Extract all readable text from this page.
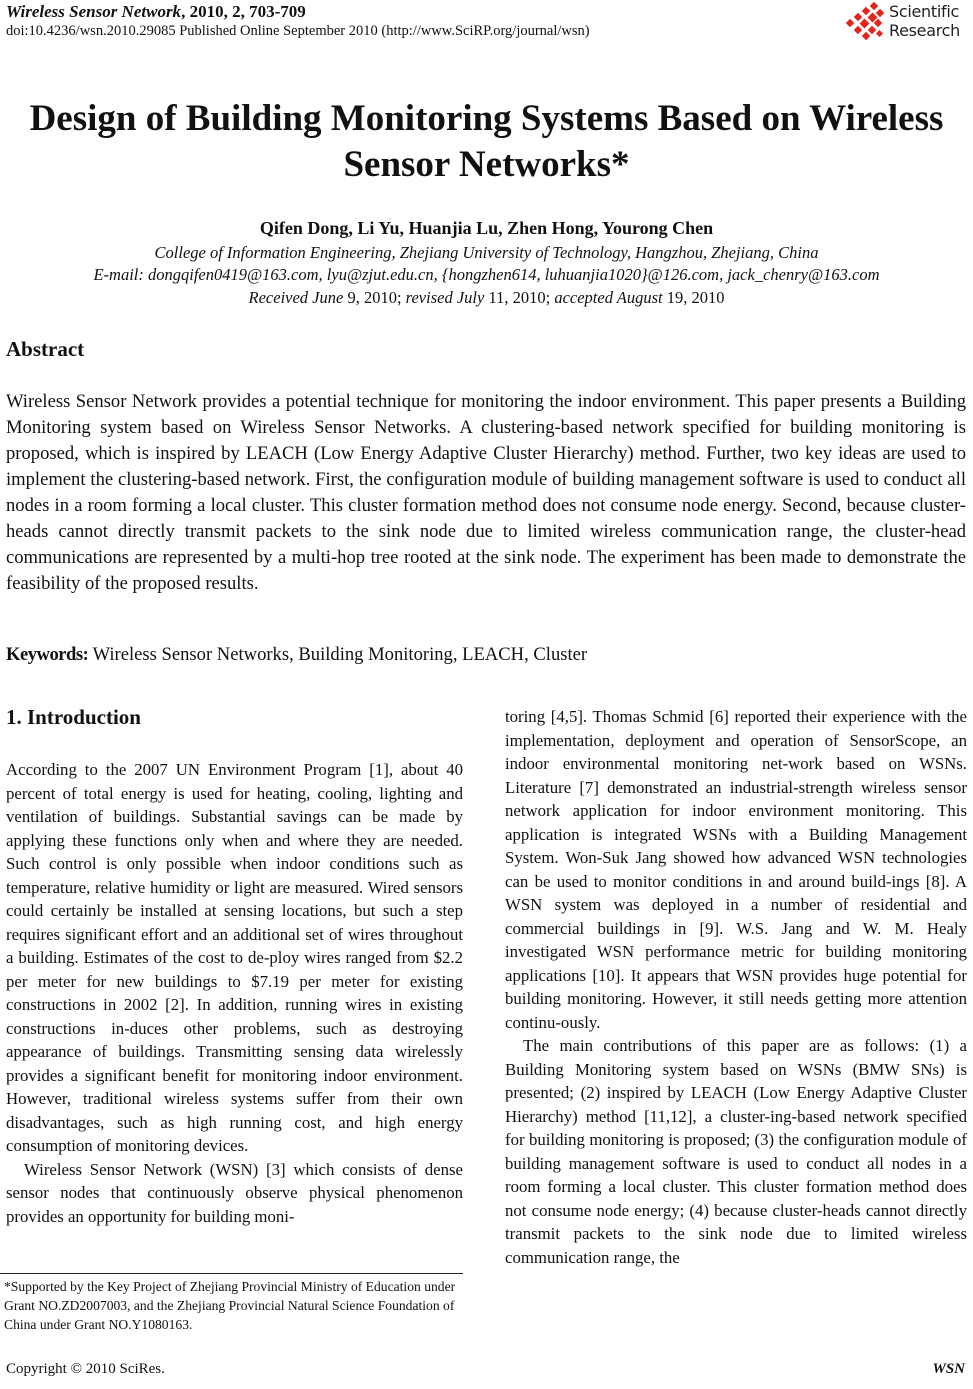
Wireless Sensor Network, 2010, 2, 703-709
doi:10.4236/wsn.2010.29085 Published Online September 2010 (http://www.SciRP.org/journal/wsn)
Scientific
Research
Design of Building Monitoring Systems Based on Wireless Sensor Networks*
Qifen Dong, Li Yu, Huanjia Lu, Zhen Hong, Yourong Chen
College of Information Engineering, Zhejiang University of Technology, Hangzhou, Zhejiang, China
E-mail: dongqifen0419@163.com, lyu@zjut.edu.cn, {hongzhen614, luhuanjia1020}@126.com, jack_chenry@163.com
Received June 9, 2010; revised July 11, 2010; accepted August 19, 2010
Abstract
Wireless Sensor Network provides a potential technique for monitoring the indoor environment. This paper presents a Building Monitoring system based on Wireless Sensor Networks. A clustering-based network specified for building monitoring is proposed, which is inspired by LEACH (Low Energy Adaptive Cluster Hierarchy) method. Further, two key ideas are used to implement the clustering-based network. First, the configuration module of building management software is used to conduct all nodes in a room forming a local cluster. This cluster formation method does not consume node energy. Second, because cluster-heads cannot directly transmit packets to the sink node due to limited wireless communication range, the cluster-head communications are represented by a multi-hop tree rooted at the sink node. The experiment has been made to demonstrate the feasibility of the proposed results.
Keywords: Wireless Sensor Networks, Building Monitoring, LEACH, Cluster
1. Introduction

According to the 2007 UN Environment Program [1], about 40 percent of total energy is used for heating, cooling, lighting and ventilation of buildings. Substantial savings can be made by applying these functions only when and where they are needed. Such control is only possible when indoor conditions such as temperature, relative humidity or light are measured. Wired sensors could certainly be installed at sensing locations, but such a step requires significant effort and an additional set of wires throughout a building. Estimates of the cost to de-ploy wires ranged from $2.2 per meter for new buildings to $7.19 per meter for existing constructions in 2002 [2]. In addition, running wires in existing constructions in-duces other problems, such as destroying appearance of buildings. Transmitting sensing data wirelessly provides a significant benefit for monitoring indoor environment. However, traditional wireless systems suffer from their own disadvantages, such as high running cost, and high energy consumption of monitoring devices.

Wireless Sensor Network (WSN) [3] which consists of dense sensor nodes that continuously observe physical phenomenon provides an opportunity for building moni-

toring [4,5]. Thomas Schmid [6] reported their experience with the implementation, deployment and operation of SensorScope, an indoor environmental monitoring net-work based on WSNs. Literature [7] demonstrated an industrial-strength wireless sensor network application for indoor environment monitoring. This application is integrated WSNs with a Building Management System. Won-Suk Jang showed how advanced WSN technologies can be used to monitor conditions in and around build-ings [8]. A WSN system was deployed in a number of residential and commercial buildings in [9]. W.S. Jang and W. M. Healy investigated WSN performance metric for building monitoring applications [10]. It appears that WSN provides huge potential for building monitoring. However, it still needs getting more attention continu-ously.

The main contributions of this paper are as follows: (1) a Building Monitoring system based on WSNs (BMW SNs) is presented; (2) inspired by LEACH (Low Energy Adaptive Cluster Hierarchy) method [11,12], a cluster-ing-based network specified for building monitoring is proposed; (3) the configuration module of building management software is used to conduct all nodes in a room forming a local cluster. This cluster formation method does not consume node energy; (4) because cluster-heads cannot directly transmit packets to the sink node due to limited wireless communication range, the

*Supported by the Key Project of Zhejiang Provincial Ministry of Education under Grant NO.ZD2007003, and the Zhejiang Provincial Natural Science Foundation of China under Grant NO.Y1080163.
Copyright © 2010 SciRes.	WSN
